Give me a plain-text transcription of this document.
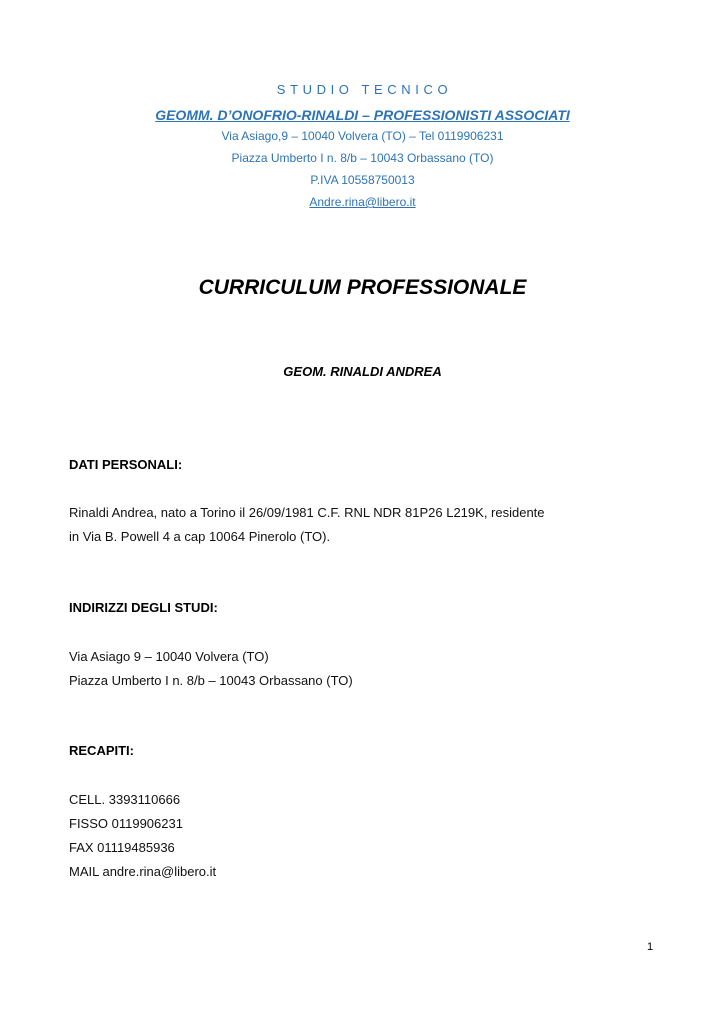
STUDIO TECNICO
GEOMM. D’ONOFRIO-RINALDI – PROFESSIONISTI ASSOCIATI
Via Asiago,9 – 10040 Volvera (TO) – Tel 0119906231
Piazza Umberto I n. 8/b – 10043 Orbassano (TO)
P.IVA 10558750013
Andre.rina@libero.it
CURRICULUM PROFESSIONALE
GEOM. RINALDI ANDREA
DATI PERSONALI:
Rinaldi Andrea, nato a Torino il 26/09/1981 C.F. RNL NDR 81P26 L219K, residente
in Via B. Powell 4 a cap 10064 Pinerolo (TO).
INDIRIZZI DEGLI STUDI:
Via Asiago 9 – 10040 Volvera (TO)
Piazza Umberto I n. 8/b – 10043 Orbassano (TO)
RECAPITI:
CELL. 3393110666
FISSO 0119906231
FAX 01119485936
MAIL andre.rina@libero.it
1
